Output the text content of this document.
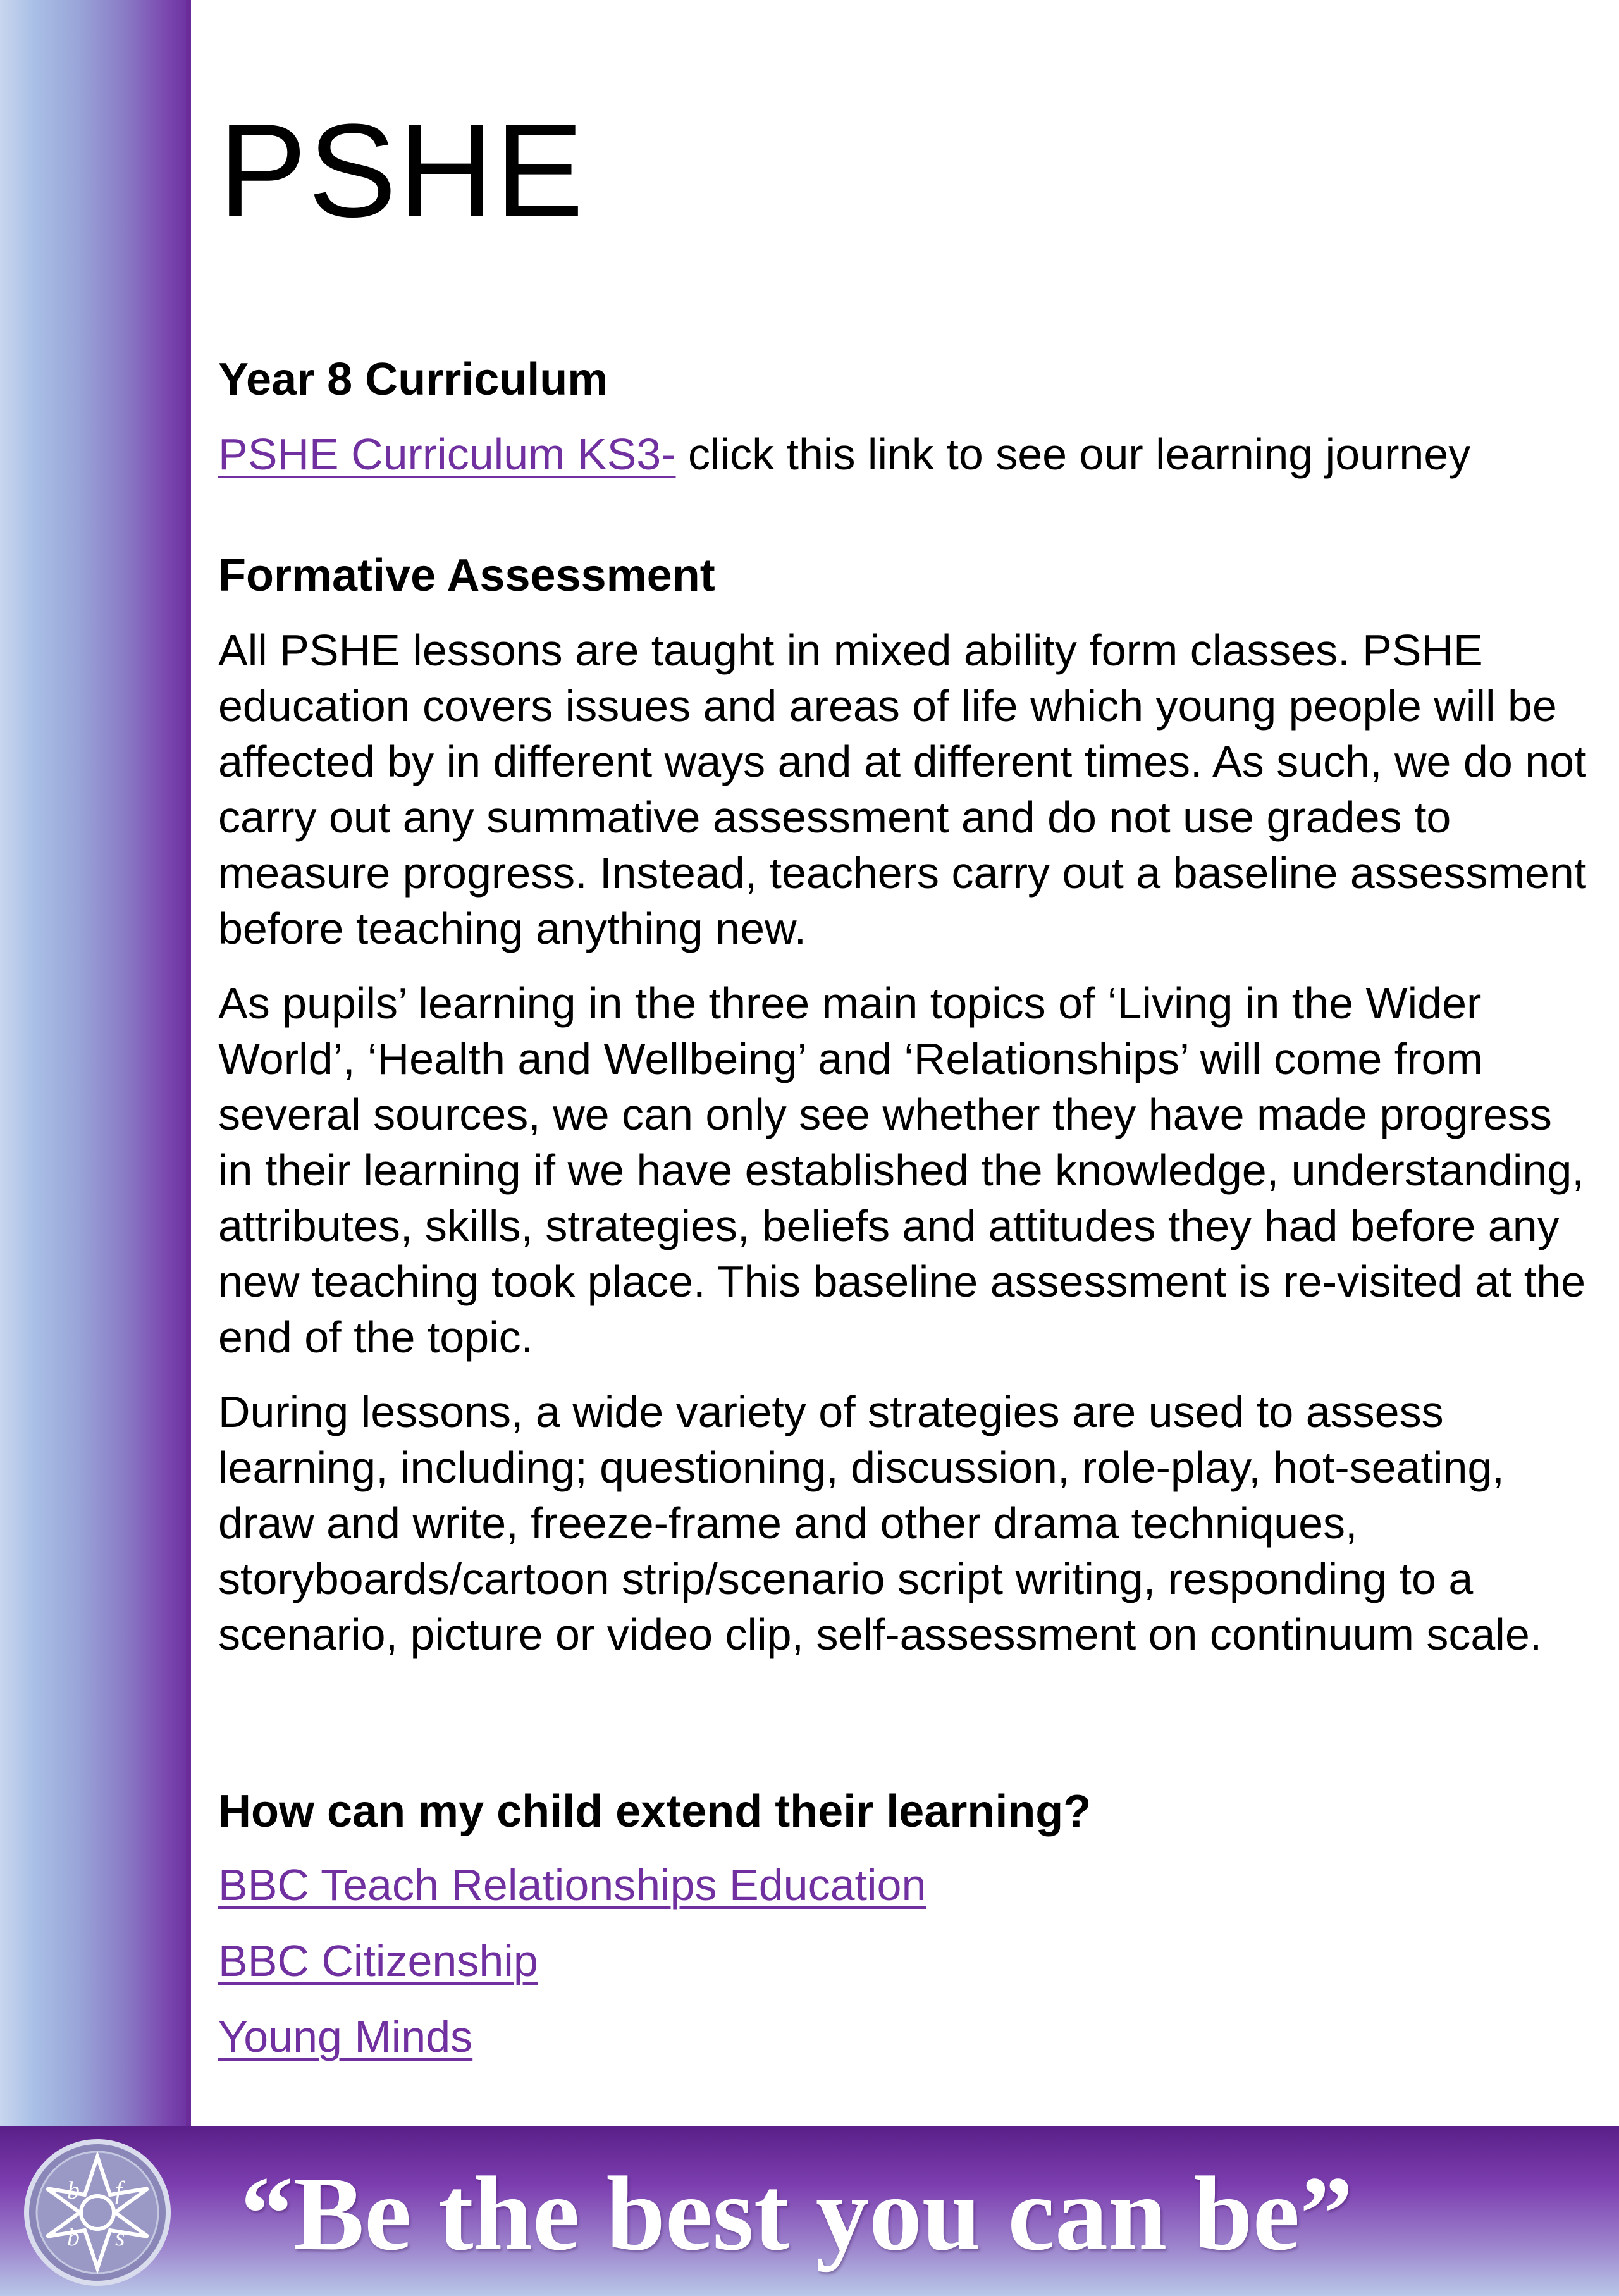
PSHE
Year 8 Curriculum

PSHE Curriculum KS3- click this link to see our learning journey

Formative Assessment

All PSHE lessons are taught in mixed ability form classes. PSHE education covers issues and areas of life which young people will be affected by in different ways and at different times. As such, we do not carry out any summative assessment and do not use grades to measure progress. Instead, teachers carry out a baseline assessment before teaching anything new.

As pupils’ learning in the three main topics of ‘Living in the Wider World’, ‘Health and Wellbeing’ and ‘Relationships’ will come from several sources, we can only see whether they have made progress in their learning if we have established the knowledge, understanding, attributes, skills, strategies, beliefs and attitudes they had before any new teaching took place. This baseline assessment is re-visited at the end of the topic.

During lessons, a wide variety of strategies are used to assess learning, including; questioning, discussion, role-play, hot-seating, draw and write, freeze-frame and other drama techniques, storyboards/cartoon strip/scenario script writing, responding to a scenario, picture or video clip, self-assessment on continuum scale.

How can my child extend their learning?

BBC Teach Relationships Education

BBC Citizenship

Young Minds

b f
b s “Be the best you can be”
